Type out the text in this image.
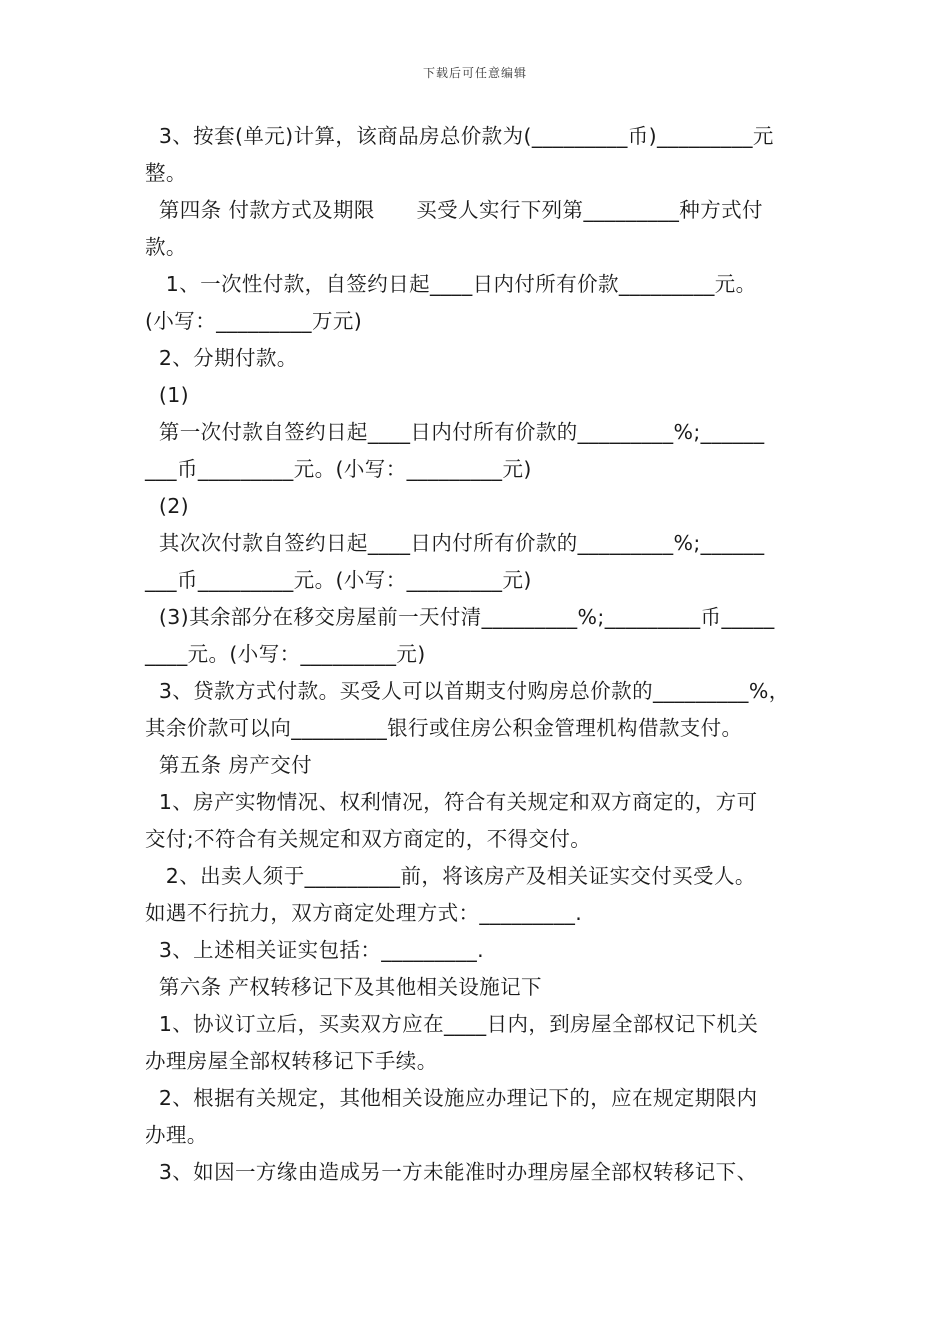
下载后可任意编辑
3、按套(单元)计算，该商品房总价款为(_________币)_________元
整。
第四条 付款方式及期限      买受人实行下列第_________种方式付
款。
1、一次性付款，自签约日起____日内付所有价款_________元。
(小写：_________万元)
2、分期付款。
(1)
第一次付款自签约日起____日内付所有价款的_________%;______
___币_________元。(小写：_________元)
(2)
其次次付款自签约日起____日内付所有价款的_________%;______
___币_________元。(小写：_________元)
(3)其余部分在移交房屋前一天付清_________%;_________币_____
____元。(小写：_________元)
3、贷款方式付款。买受人可以首期支付购房总价款的_________%，
其余价款可以向_________银行或住房公积金管理机构借款支付。
第五条 房产交付
1、房产实物情况、权利情况，符合有关规定和双方商定的，方可
交付;不符合有关规定和双方商定的，不得交付。
2、出卖人须于_________前，将该房产及相关证实交付买受人。
如遇不行抗力，双方商定处理方式：_________.
3、上述相关证实包括：_________.
第六条 产权转移记下及其他相关设施记下
1、协议订立后，买卖双方应在____日内，到房屋全部权记下机关
办理房屋全部权转移记下手续。
2、根据有关规定，其他相关设施应办理记下的，应在规定期限内
办理。
3、如因一方缘由造成另一方未能准时办理房屋全部权转移记下、
